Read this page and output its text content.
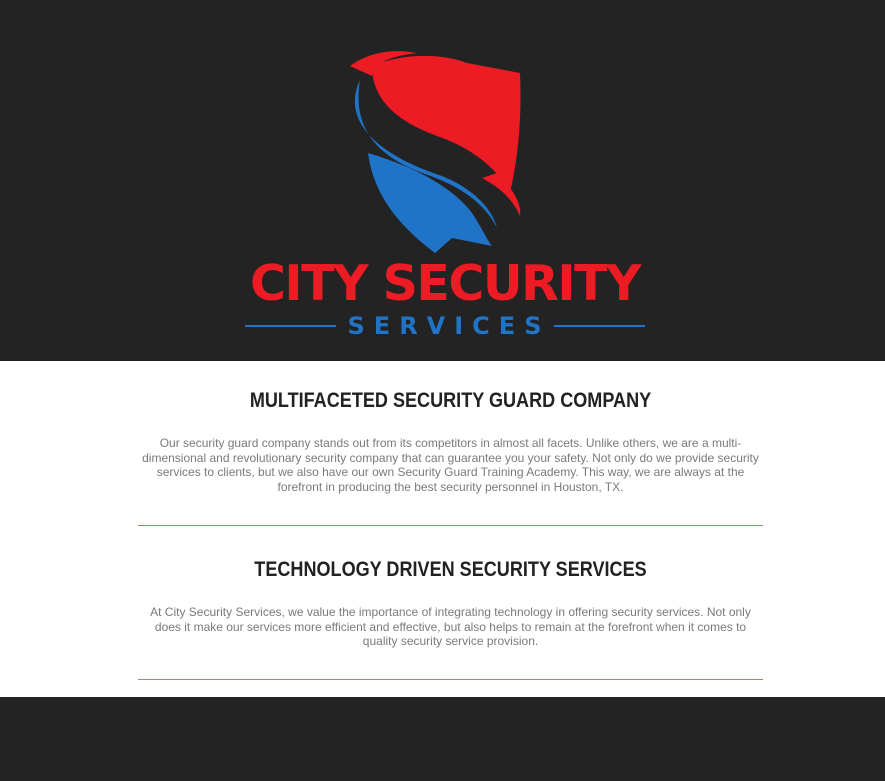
CITY SECURITY
SERVICES
MULTIFACETED SECURITY GUARD COMPANY

Our security guard company stands out from its competitors in almost all facets. Unlike others, we are a multi-dimensional and revolutionary security company that can guarantee you your safety. Not only do we provide security services to clients, but we also have our own Security Guard Training Academy. This way, we are always at the forefront in producing the best security personnel in Houston, TX.

TECHNOLOGY DRIVEN SECURITY SERVICES

At City Security Services, we value the importance of integrating technology in offering security services. Not only does it make our services more efficient and effective, but also helps to remain at the forefront when it comes to quality security service provision.
